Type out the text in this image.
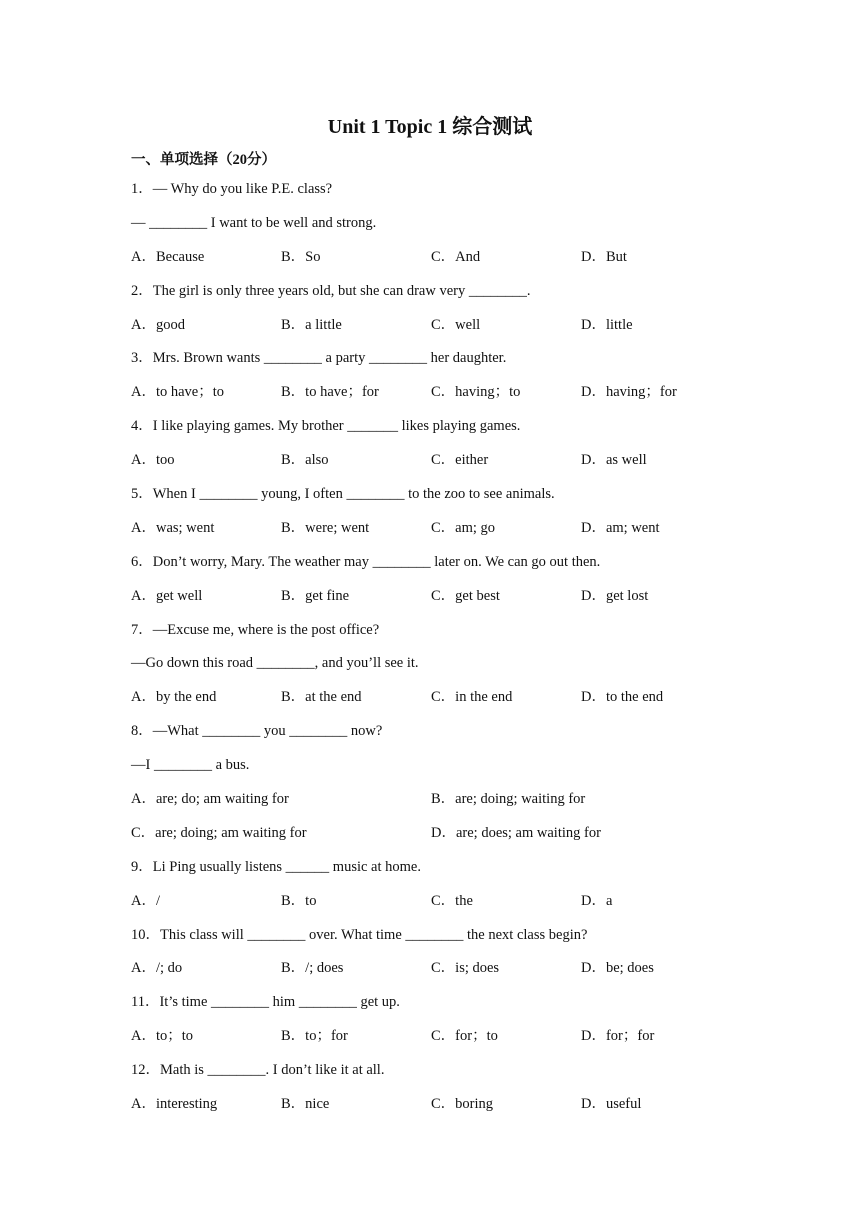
Unit 1 Topic 1 综合测试
一、单项选择（20分）
1．— Why do you like P.E. class?
— ________ I want to be well and strong.
A．Because	B．So	C．And	D．But
2．The girl is only three years old, but she can draw very ________.
A．good	B．a little	C．well	D．little
3．Mrs. Brown wants ________ a party ________ her daughter.
A．to have；to	B．to have；for	C．having；to	D．having；for
4．I like playing games. My brother _______ likes playing games.
A．too	B．also	C．either	D．as well
5．When I ________ young, I often ________ to the zoo to see animals.
A．was; went	B．were; went	C．am; go	D．am; went
6．Don’t worry, Mary. The weather may ________ later on. We can go out then.
A．get well	B．get fine	C．get best	D．get lost
7．—Excuse me, where is the post office?
—Go down this road ________, and you’ll see it.
A．by the end	B．at the end	C．in the end	D．to the end
8．—What ________ you ________ now?
—I ________ a bus.
A．are; do; am waiting for	B．are; doing; waiting for
C．are; doing; am waiting for	D．are; does; am waiting for
9．Li Ping usually listens ______ music at home.
A．/	B．to	C．the	D．a
10．This class will ________ over. What time ________ the next class begin?
A．/; do	B．/; does	C．is; does	D．be; does
11．It’s time ________ him ________ get up.
A．to；to	B．to；for	C．for；to	D．for；for
12．Math is ________. I don’t like it at all.
A．interesting	B．nice	C．boring	D．useful
